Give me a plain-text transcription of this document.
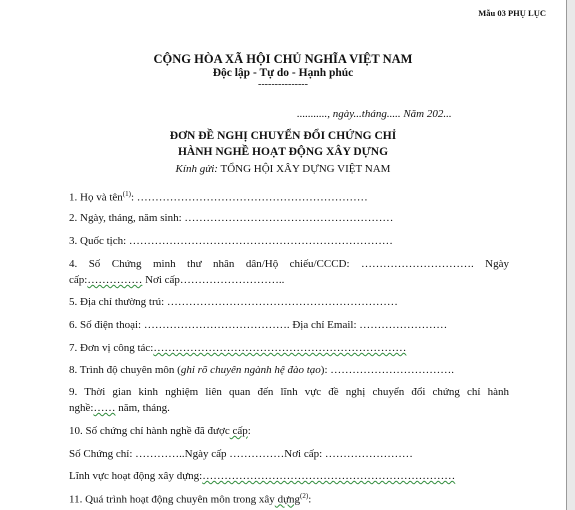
Mẫu 03 PHỤ LỤC
CỘNG HÒA XÃ HỘI CHỦ NGHĨA VIỆT NAM
Độc lập - Tự do - Hạnh phúc
---------------
..........., ngày...tháng..... Năm 202...
ĐƠN ĐỀ NGHỊ CHUYỂN ĐỔI CHỨNG CHỈ
HÀNH NGHỀ HOẠT ĐỘNG XÂY DỰNG
Kính gửi: TỔNG HỘI XÂY DỰNG VIỆT NAM
1. Họ và tên$^{(1)}$: ………………………………………………………
2. Ngày, tháng, năm sinh: …………………………………………………
3. Quốc tịch: ………………………………………………………………
4. Số Chứng minh thư nhân dân/Hộ chiếu/CCCD: …………………………. Ngày
cấp:…………… Nơi cấp………………………..
5. Địa chỉ thường trú: ………………………………………………………
6. Số điện thoại: …………………………………. Địa chỉ Email: ……………………
7. Đơn vị công tác:……………………………………………………………
8. Trình độ chuyên môn (ghi rõ chuyên ngành hệ đào tạo): …………………………….
9. Thời gian kinh nghiệm liên quan đến lĩnh vực đề nghị chuyển đổi chứng chỉ hành
nghề:…… năm, tháng.
10. Số chứng chỉ hành nghề đã được cấp:
Số Chứng chỉ: …………..Ngày cấp ……………Nơi cấp: ……………………
Lĩnh vực hoạt động xây dựng:……………………………………………………………
11. Quá trình hoạt động chuyên môn trong xây dựng$^{(2)}$:
